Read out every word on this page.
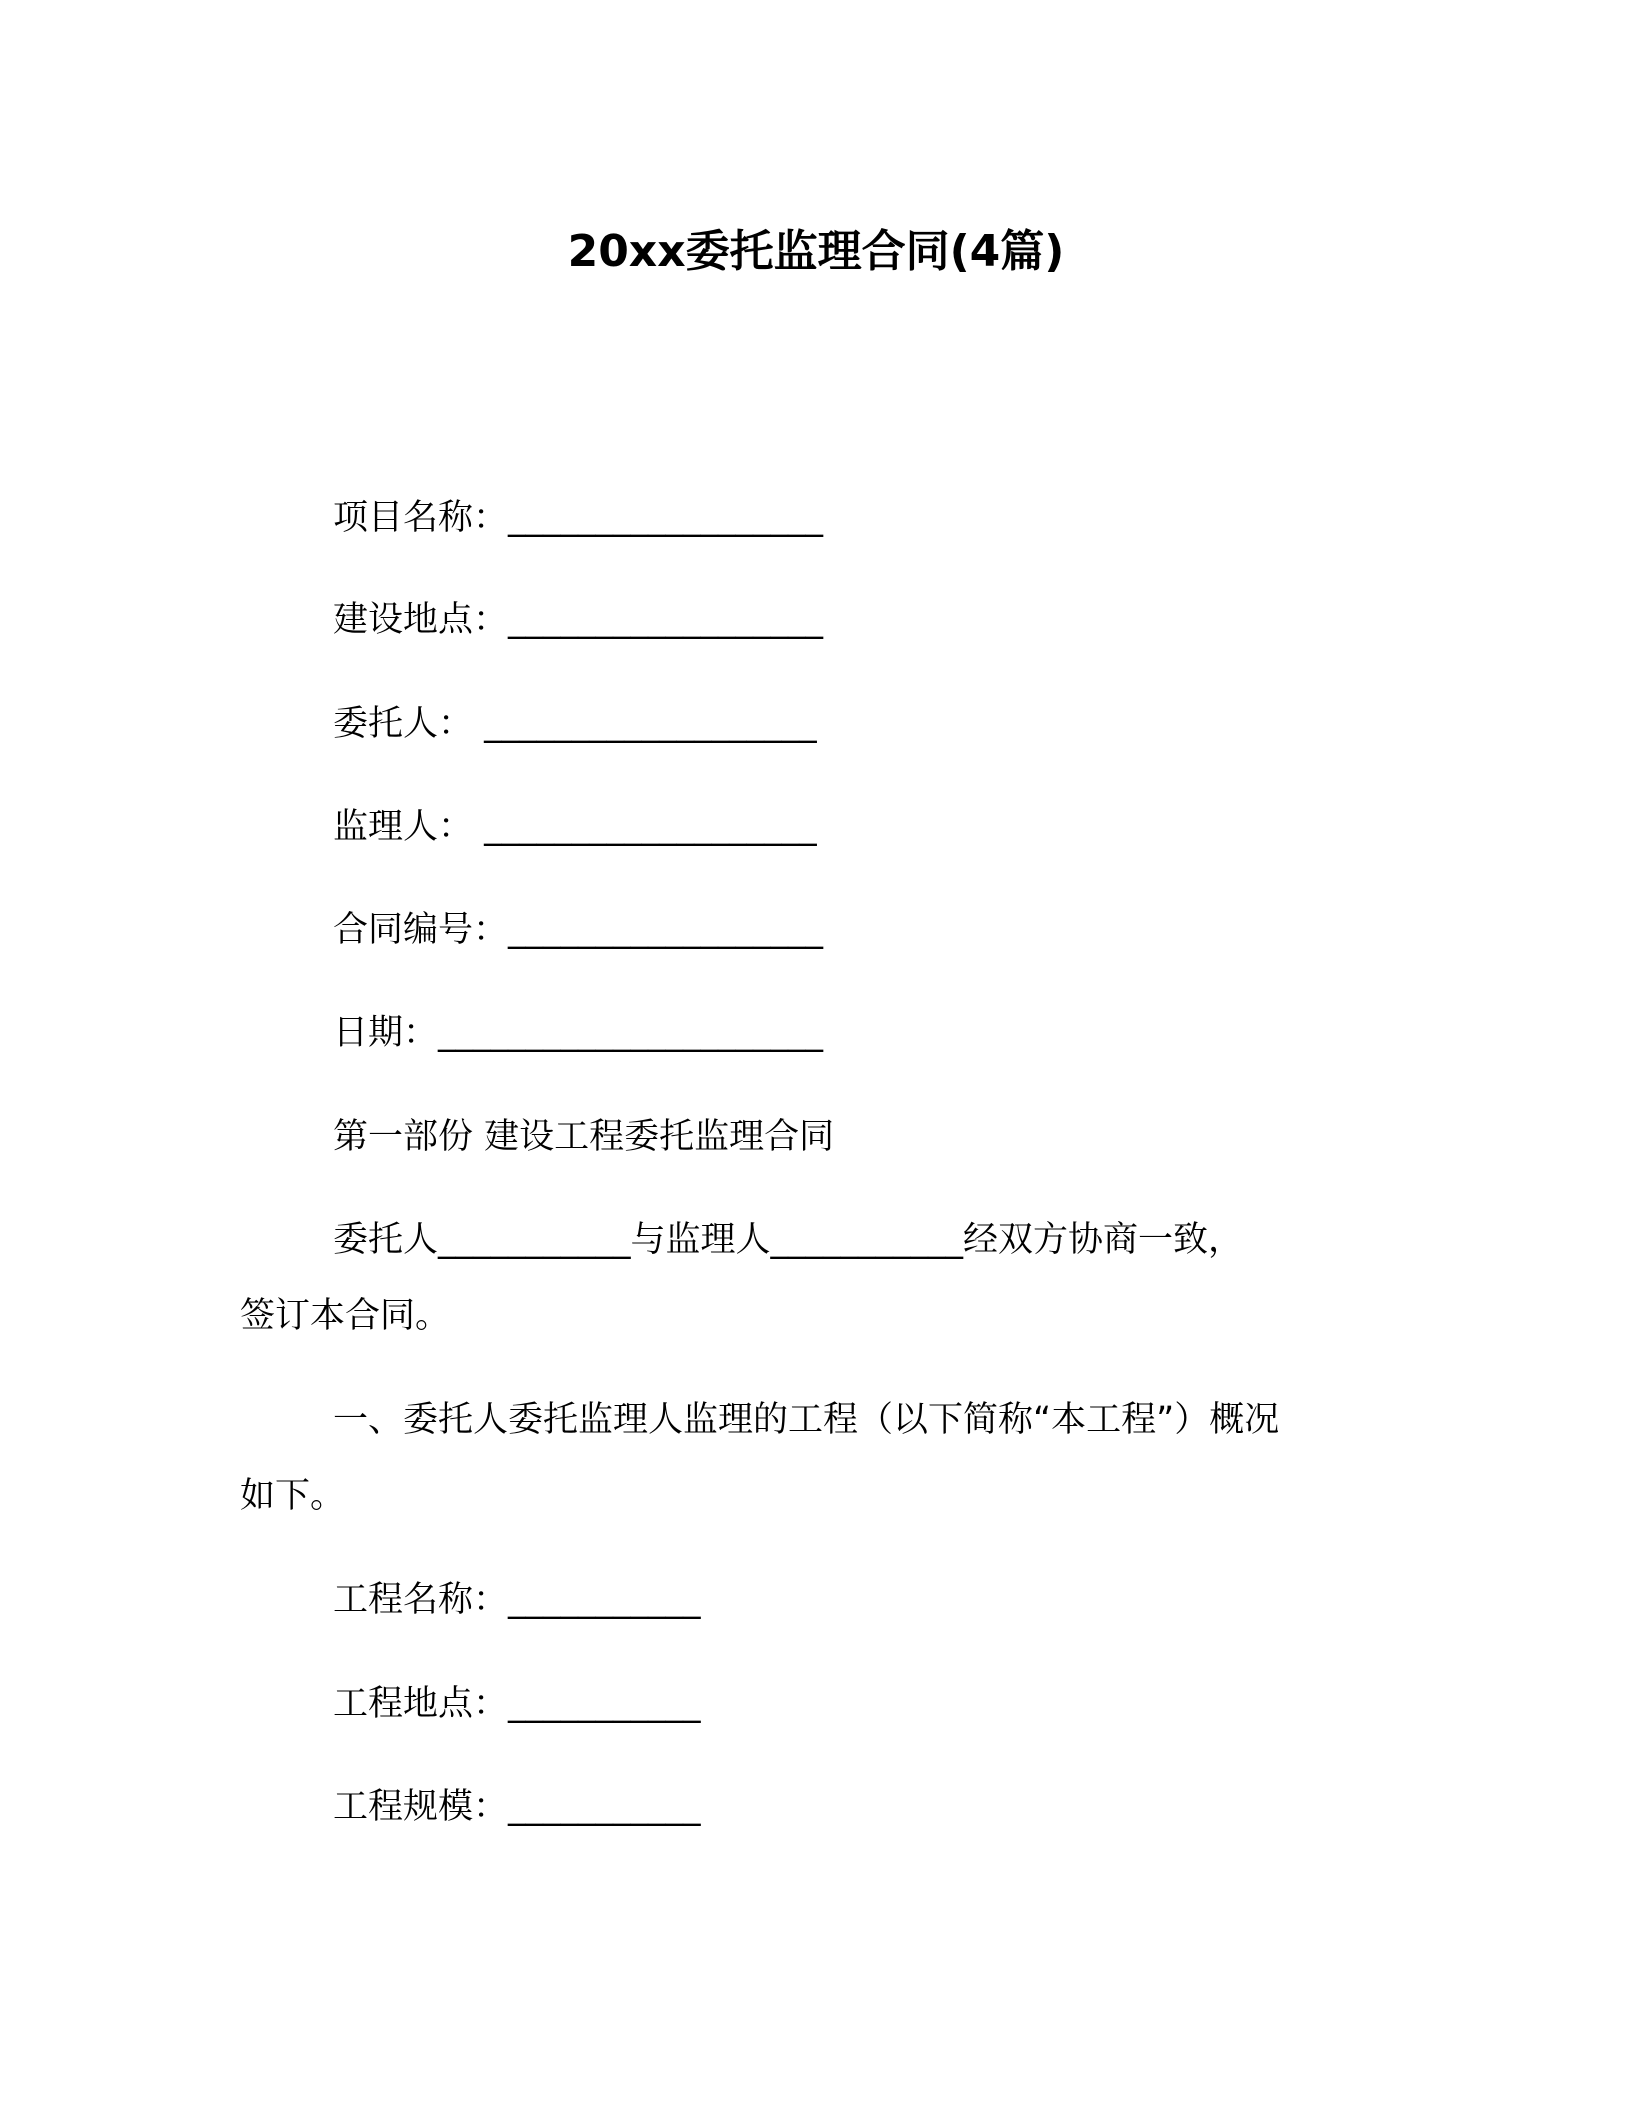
20xx委托监理合同(4篇)
项目名称：__________________
建设地点：__________________
委托人： ___________________
监理人： ___________________
合同编号：__________________
日期：______________________
第一部份 建设工程委托监理合同
委托人___________与监理人___________经双方协商一致，
签订本合同。
一、委托人委托监理人监理的工程（以下简称“本工程”）概况
如下。
工程名称：___________
工程地点：___________
工程规模：___________
